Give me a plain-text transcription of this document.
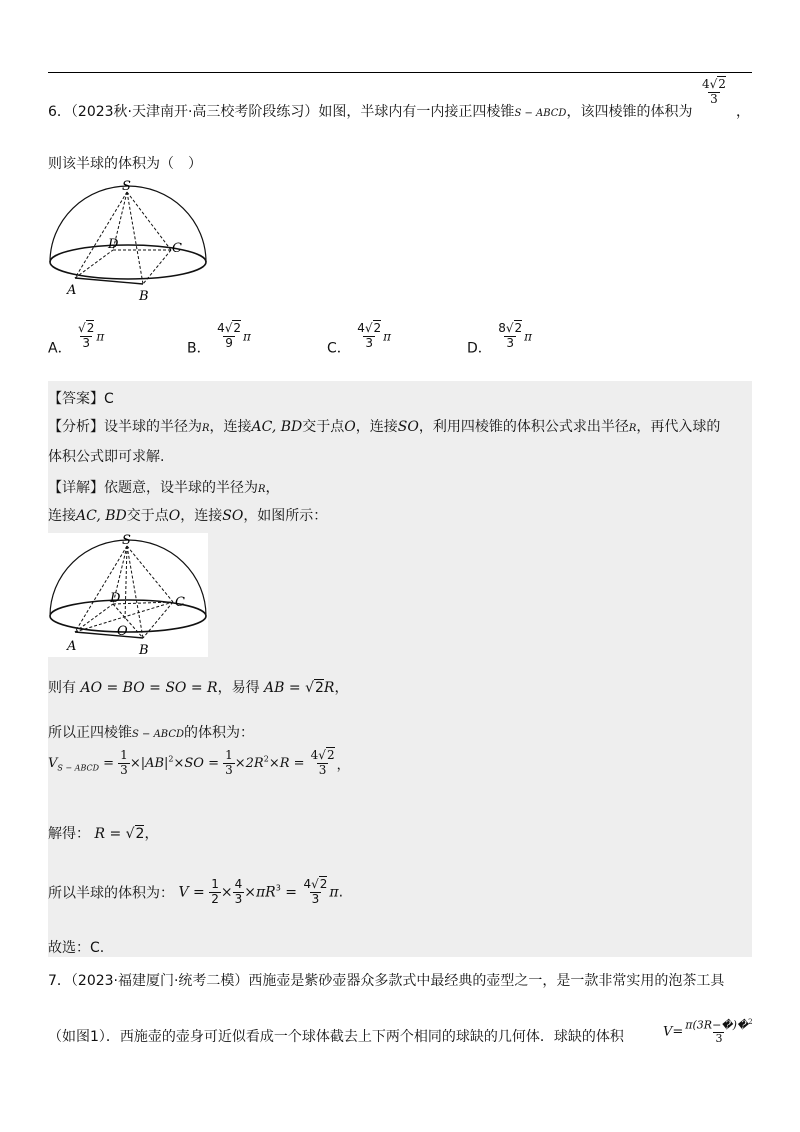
6．（2023秋·天津南开·高三校考阶段练习）如图，半球内有一内接正四棱锥S − ABCD，该四棱锥的体积为
$\frac{4√2}{3}$
，
则该半球的体积为（　）
S
D	C
A	B
A． $\frac{√2}{3}$ π
B． $\frac{4√2}{9}$ π
C． $\frac{4√2}{3}$ π
D． $\frac{8√2}{3}$ π
【答案】C
【分析】设半球的半径为R，连接AC, BD交于点O，连接SO，利用四棱锥的体积公式求出半径R，再代入球的
体积公式即可求解.
【详解】依题意，设半球的半径为R，
连接AC, BD交于点O，连接SO，如图所示：
S
D	C
O
A	B
则有 AO = BO = SO = R，易得 AB = √2R，
所以正四棱锥S − ABCD的体积为：
$V_{S - ABCD} = \frac{1}{3} \times|AB|^2\times SO = \frac{1}{3} \times 2R^2\times R = \frac{4√2}{3}$ ，
解得： R = √2，
所以半球的体积为： $V = \frac{1}{2} \times \frac{4}{3} \times\pi R^3 = \frac{4√2}{3} \pi$.
故选：C.
7．（2023·福建厦门·统考二模）西施壶是紫砂壶器众多款式中最经典的壶型之一，是一款非常实用的泡茶工具
（如图1）．西施壶的壶身可近似看成一个球体截去上下两个相同的球缺的几何体．球缺的体积	$V= \frac{\pi(3R-�)�^2}{3}$
